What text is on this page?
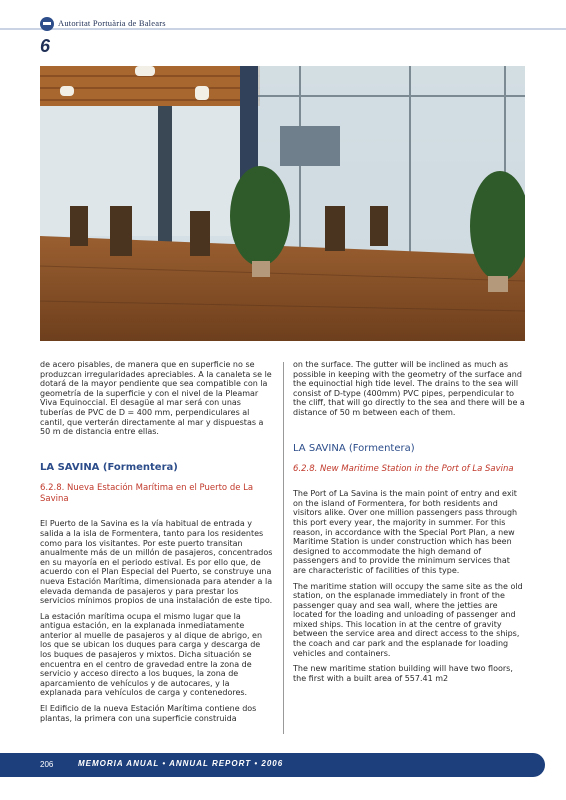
Autoritat Portuària de Balears
6

de acero pisables, de manera que en superficie no se produzcan irregularidades apreciables. A la canaleta se le dotará de la mayor pendiente que sea compatible con la geometría de la superficie y con el nivel de la Pleamar Viva Equinoccial. El desagüe al mar será con unas tuberías de PVC de D = 400 mm, perpendiculares al cantil, que verterán directamente al mar y dispuestas a 50 m de distancia entre ellas.

LA SAVINA (Formentera)
6.2.8. Nueva Estación Marítima en el Puerto de La Savina

El Puerto de la Savina es la vía habitual de entrada y salida a la isla de Formentera, tanto para los residentes como para los visitantes. Por este puerto transitan anualmente más de un millón de pasajeros, concentrados en su mayoría en el periodo estival. Es por ello que, de acuerdo con el Plan Especial del Puerto, se construye una nueva Estación Marítima, dimensionada para atender a la elevada demanda de pasajeros y para prestar los servicios mínimos propios de una instalación de este tipo.

La estación marítima ocupa el mismo lugar que la antigua estación, en la explanada inmediatamente anterior al muelle de pasajeros y al dique de abrigo, en los que se ubican los duques para carga y descarga de los buques de pasajeros y mixtos. Dicha situación se encuentra en el centro de gravedad entre la zona de servicio y acceso directo a los buques, la zona de aparcamiento de vehículos y de autocares, y la explanada para vehículos de carga y contenedores.

El Edificio de la nueva Estación Marítima contiene dos plantas, la primera con una superficie construida

on the surface. The gutter will be inclined as much as possible in keeping with the geometry of the surface and the equinoctial high tide level. The drains to the sea will consist of D-type (400mm) PVC pipes, perpendicular to the cliff, that will go directly to the sea and there will be a distance of 50 m between each of them.

LA SAVINA (Formentera)
6.2.8. New Maritime Station in the Port of La Savina

The Port of La Savina is the main point of entry and exit on the island of Formentera, for both residents and visitors alike. Over one million passengers pass through this port every year, the majority in summer. For this reason, in accordance with the Special Port Plan, a new Maritime Station is under construction which has been designed to accommodate the high demand of passengers and to provide the minimum services that are characteristic of facilities of this type.

The maritime station will occupy the same site as the old station, on the esplanade immediately in front of the passenger quay and sea wall, where the jetties are located for the loading and unloading of passenger and mixed ships. This location in at the centre of gravity between the service area and direct access to the ships, the coach and car park and the esplanade for loading vehicles and containers.

The new maritime station building will have two floors, the first with a built area of 557.41 m2

206	MEMORIA ANUAL • ANNUAL REPORT • 2006
